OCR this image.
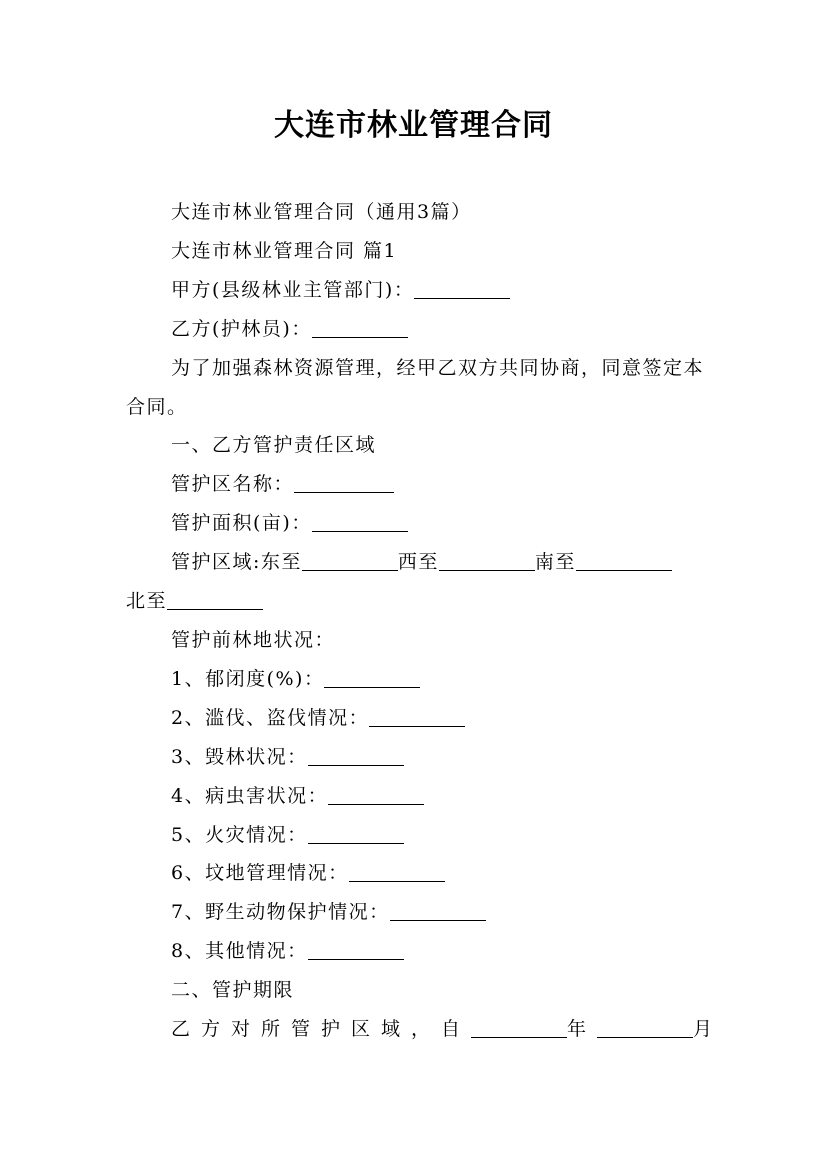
大连市林业管理合同
大连市林业管理合同（通用3篇）
大连市林业管理合同 篇1
甲方(县级林业主管部门)：
乙方(护林员)：
为了加强森林资源管理，经甲乙双方共同协商，同意签定本合同。
一、乙方管护责任区域
管护区名称：
管护面积(亩)：
管护区域:东至	西至	南至
北至
管护前林地状况：
1、郁闭度(%)：
2、滥伐、盗伐情况：
3、毁林状况：
4、病虫害状况：
5、火灾情况：
6、坟地管理情况：
7、野生动物保护情况：
8、其他情况：
二、管护期限
乙方对所管护区域，自	年	月
